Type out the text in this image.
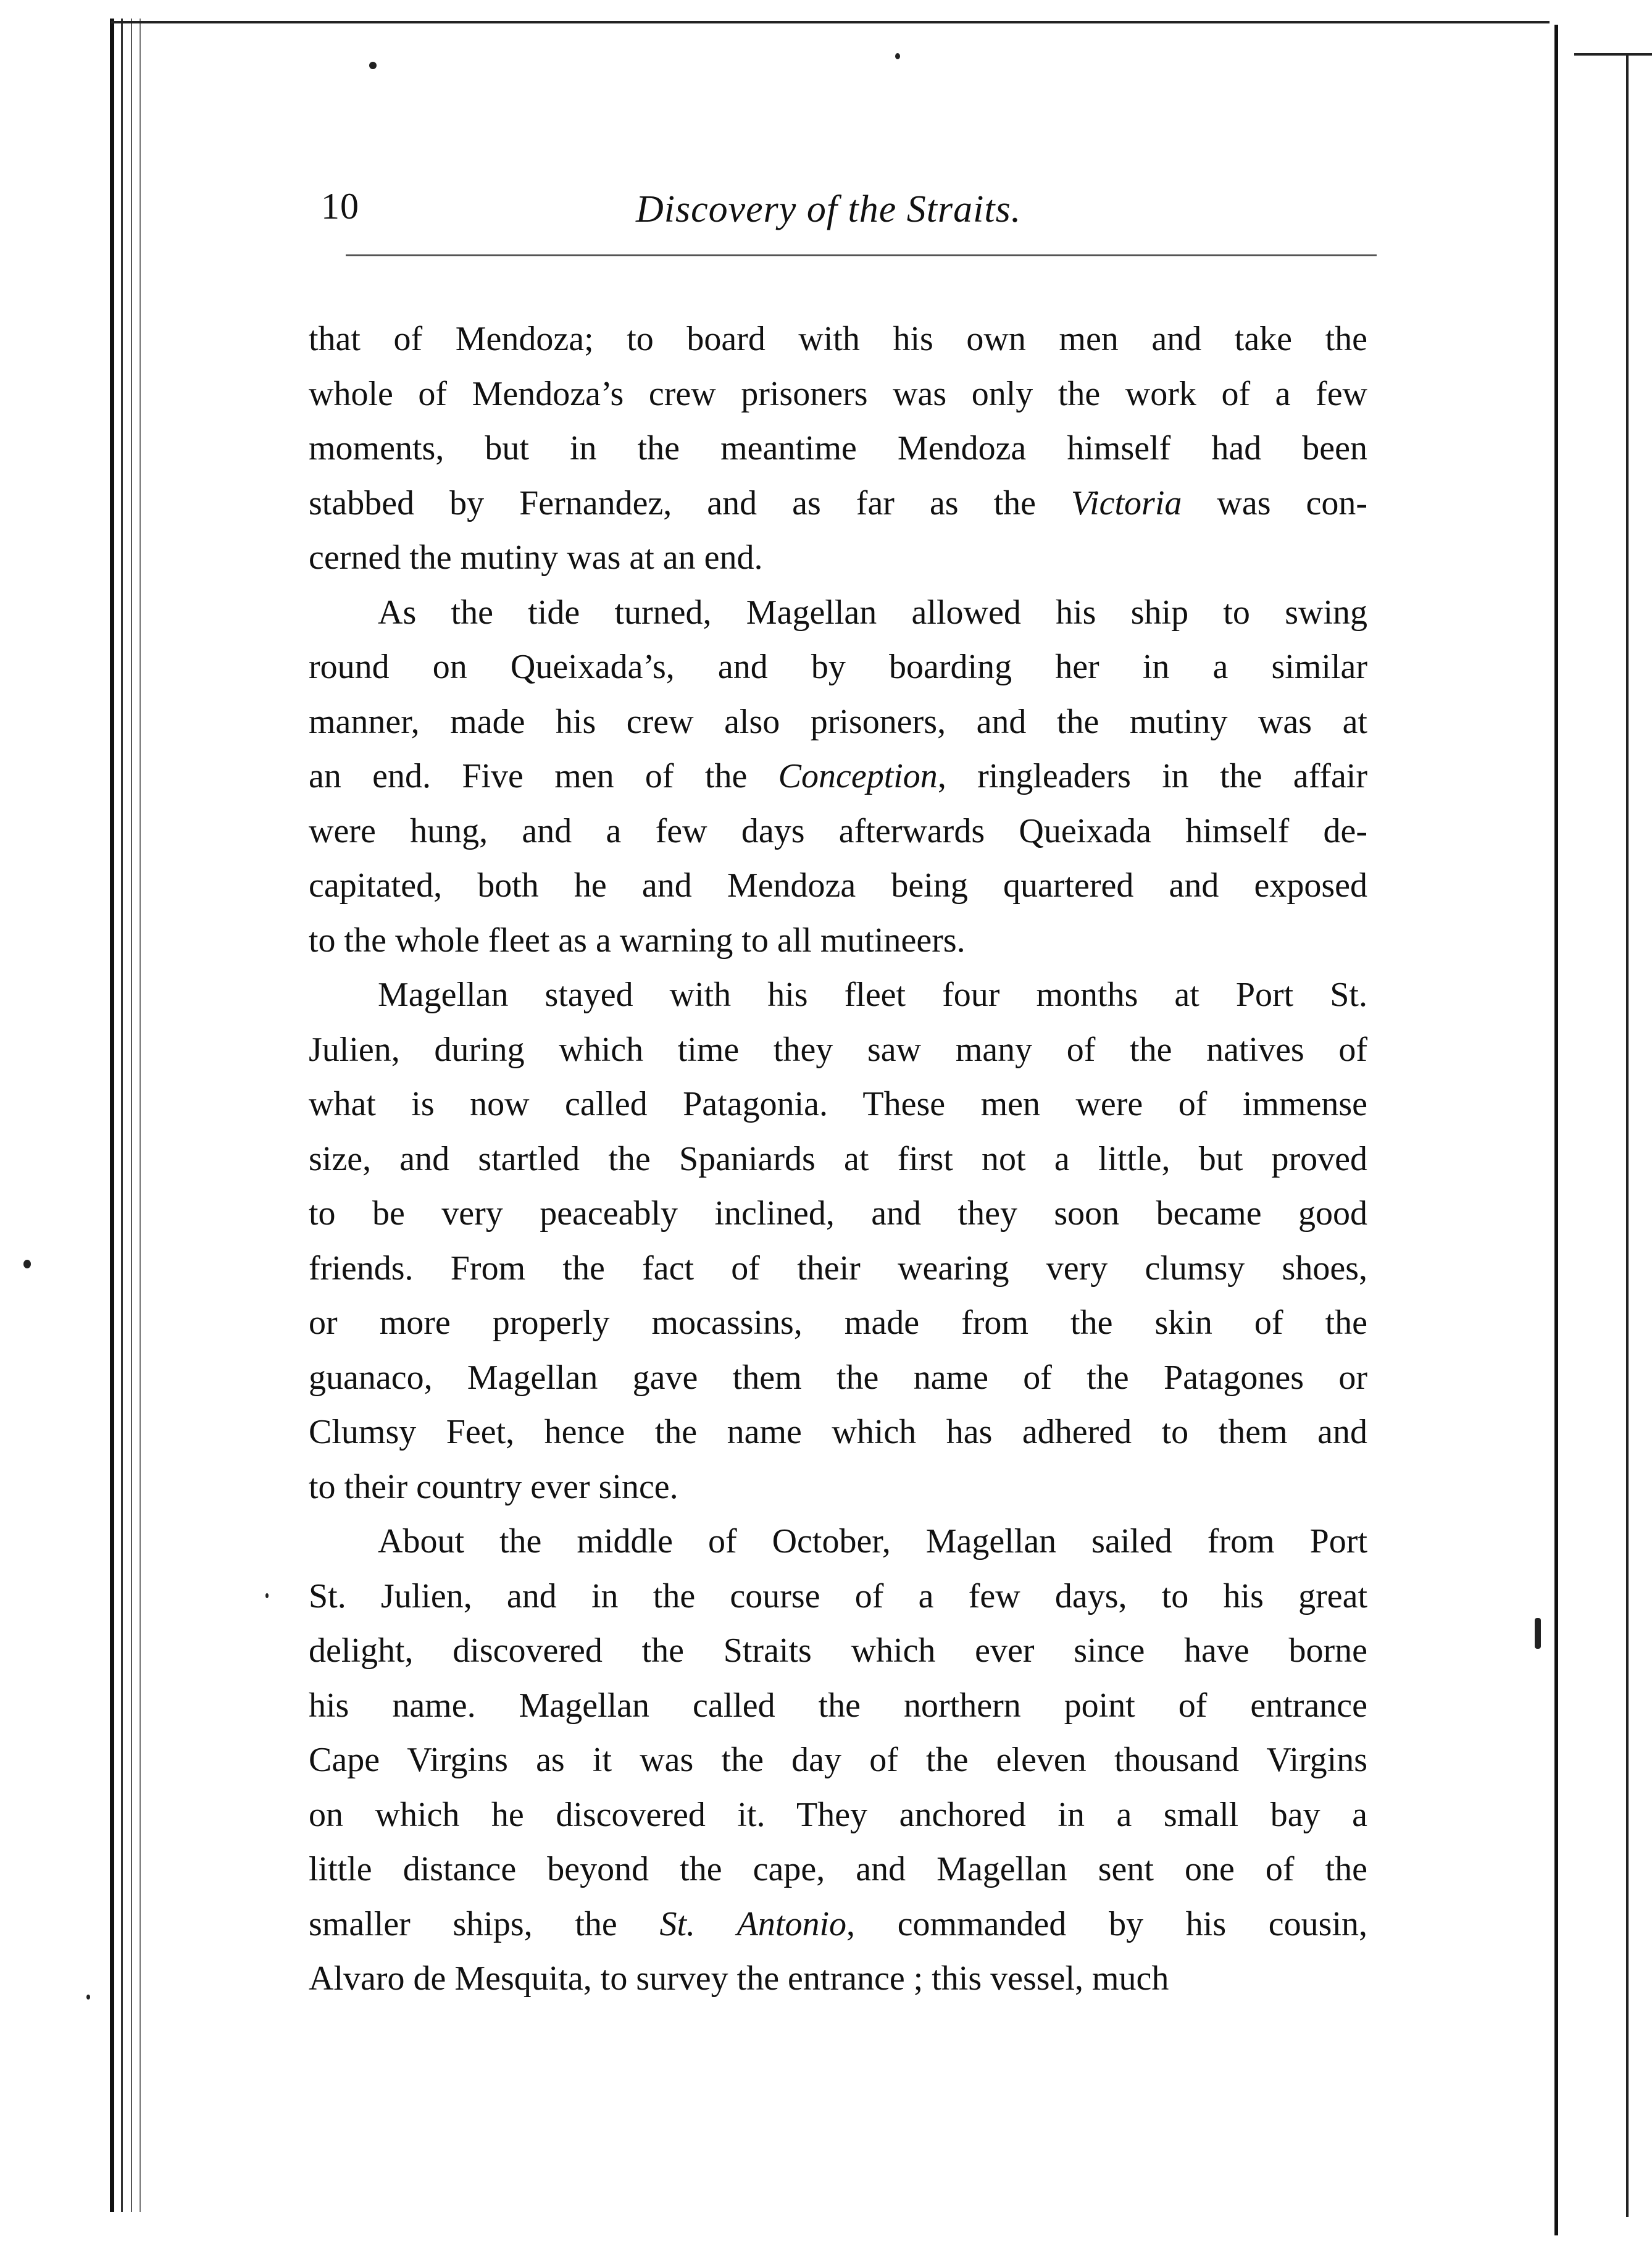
10	Discovery of the Straits.
that of Mendoza; to board with his own men and take the
whole of Mendoza’s crew prisoners was only the work of a few
moments, but in the meantime Mendoza himself had been
stabbed by Fernandez, and as far as the Victoria was con-
cerned the mutiny was at an end.
As the tide turned, Magellan allowed his ship to swing
round on Queixada’s, and by boarding her in a similar
manner, made his crew also prisoners, and the mutiny was at
an end. Five men of the Conception, ringleaders in the affair
were hung, and a few days afterwards Queixada himself de-
capitated, both he and Mendoza being quartered and exposed
to the whole fleet as a warning to all mutineers.
Magellan stayed with his fleet four months at Port St.
Julien, during which time they saw many of the natives of
what is now called Patagonia. These men were of immense
size, and startled the Spaniards at first not a little, but proved
to be very peaceably inclined, and they soon became good
friends. From the fact of their wearing very clumsy shoes,
or more properly mocassins, made from the skin of the
guanaco, Magellan gave them the name of the Patagones or
Clumsy Feet, hence the name which has adhered to them and
to their country ever since.
About the middle of October, Magellan sailed from Port
St. Julien, and in the course of a few days, to his great
delight, discovered the Straits which ever since have borne
his name. Magellan called the northern point of entrance
Cape Virgins as it was the day of the eleven thousand Virgins
on which he discovered it. They anchored in a small bay a
little distance beyond the cape, and Magellan sent one of the
smaller ships, the St. Antonio, commanded by his cousin,
Alvaro de Mesquita, to survey the entrance ; this vessel, much
